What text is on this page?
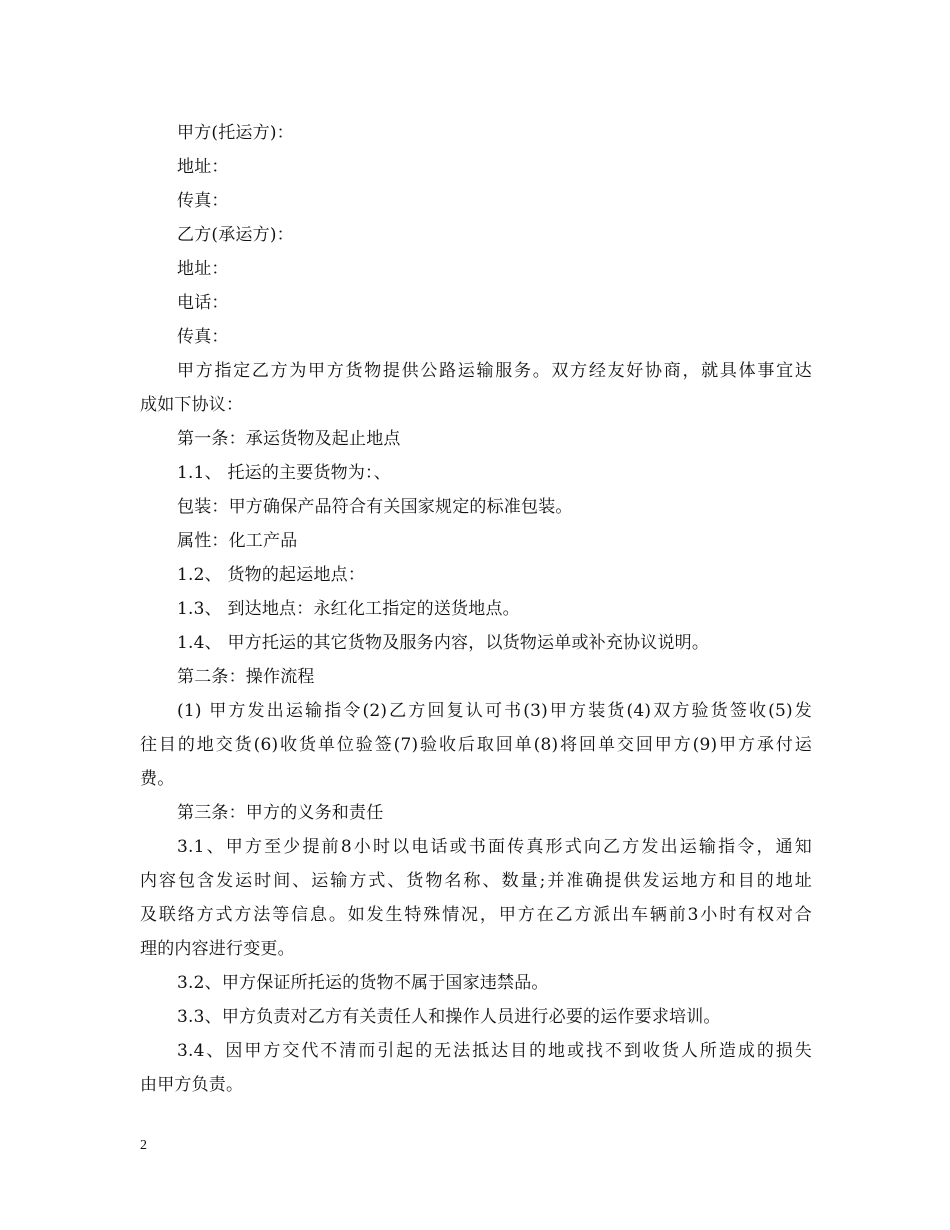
甲方(托运方)：
地址：
传真：
乙方(承运方)：
地址：
电话：
传真：
甲方指定乙方为甲方货物提供公路运输服务。双方经友好协商，就具体事宜达
成如下协议：
第一条：承运货物及起止地点
1.1、 托运的主要货物为：、
包装：甲方确保产品符合有关国家规定的标准包装。
属性：化工产品
1.2、 货物的起运地点：
1.3、 到达地点：永红化工指定的送货地点。
1.4、 甲方托运的其它货物及服务内容，以货物运单或补充协议说明。
第二条：操作流程
(1) 甲方发出运输指令(2)乙方回复认可书(3)甲方装货(4)双方验货签收(5)发
往目的地交货(6)收货单位验签(7)验收后取回单(8)将回单交回甲方(9)甲方承付运
费。
第三条：甲方的义务和责任
3.1、甲方至少提前8小时以电话或书面传真形式向乙方发出运输指令，通知
内容包含发运时间、运输方式、货物名称、数量;并准确提供发运地方和目的地址
及联络方式方法等信息。如发生特殊情况，甲方在乙方派出车辆前3小时有权对合
理的内容进行变更。
3.2、甲方保证所托运的货物不属于国家违禁品。
3.3、甲方负责对乙方有关责任人和操作人员进行必要的运作要求培训。
3.4、因甲方交代不清而引起的无法抵达目的地或找不到收货人所造成的损失
由甲方负责。
2
